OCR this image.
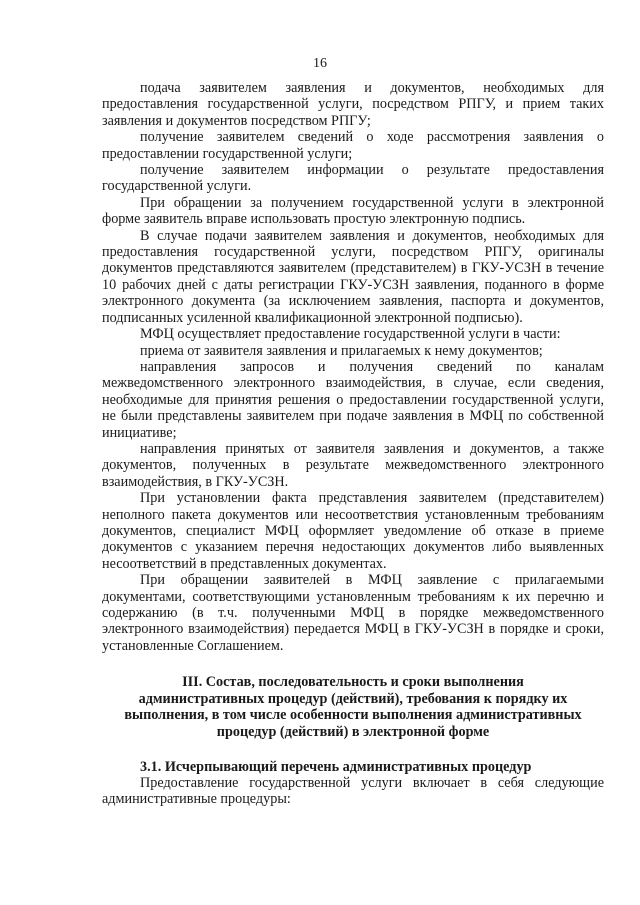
16

подача заявителем заявления и документов, необходимых для предоставления государственной услуги, посредством РПГУ, и прием таких заявления и документов посредством РПГУ;

получение заявителем сведений о ходе рассмотрения заявления о предоставлении государственной услуги;

получение заявителем информации о результате предоставления государственной услуги.

При обращении за получением государственной услуги в электронной форме заявитель вправе использовать простую электронную подпись.

В случае подачи заявителем заявления и документов, необходимых для предоставления государственной услуги, посредством РПГУ, оригиналы документов представляются заявителем (представителем) в ГКУ-УСЗН в течение 10 рабочих дней с даты регистрации ГКУ-УСЗН заявления, поданного в форме электронного документа (за исключением заявления, паспорта и документов, подписанных усиленной квалификационной электронной подписью).

МФЦ осуществляет предоставление государственной услуги в части:

приема от заявителя заявления и прилагаемых к нему документов;

направления запросов и получения сведений по каналам межведомственного электронного взаимодействия, в случае, если сведения, необходимые для принятия решения о предоставлении государственной услуги, не были представлены заявителем при подаче заявления в МФЦ по собственной инициативе;

направления принятых от заявителя заявления и документов, а также документов, полученных в результате межведомственного электронного взаимодействия, в ГКУ-УСЗН.

При установлении факта представления заявителем (представителем) неполного пакета документов или несоответствия установленным требованиям документов, специалист МФЦ оформляет уведомление об отказе в приеме документов с указанием перечня недостающих документов либо выявленных несоответствий в представленных документах.

При обращении заявителей в МФЦ заявление с прилагаемыми документами, соответствующими установленным требованиям к их перечню и содержанию (в т.ч. полученными МФЦ в порядке межведомственного электронного взаимодействия) передается МФЦ в ГКУ-УСЗН в порядке и сроки, установленные Соглашением.

III. Состав, последовательность и сроки выполнения административных процедур (действий), требования к порядку их выполнения, в том числе особенности выполнения административных процедур (действий) в электронной форме

3.1. Исчерпывающий перечень административных процедур

Предоставление государственной услуги включает в себя следующие административные процедуры:
